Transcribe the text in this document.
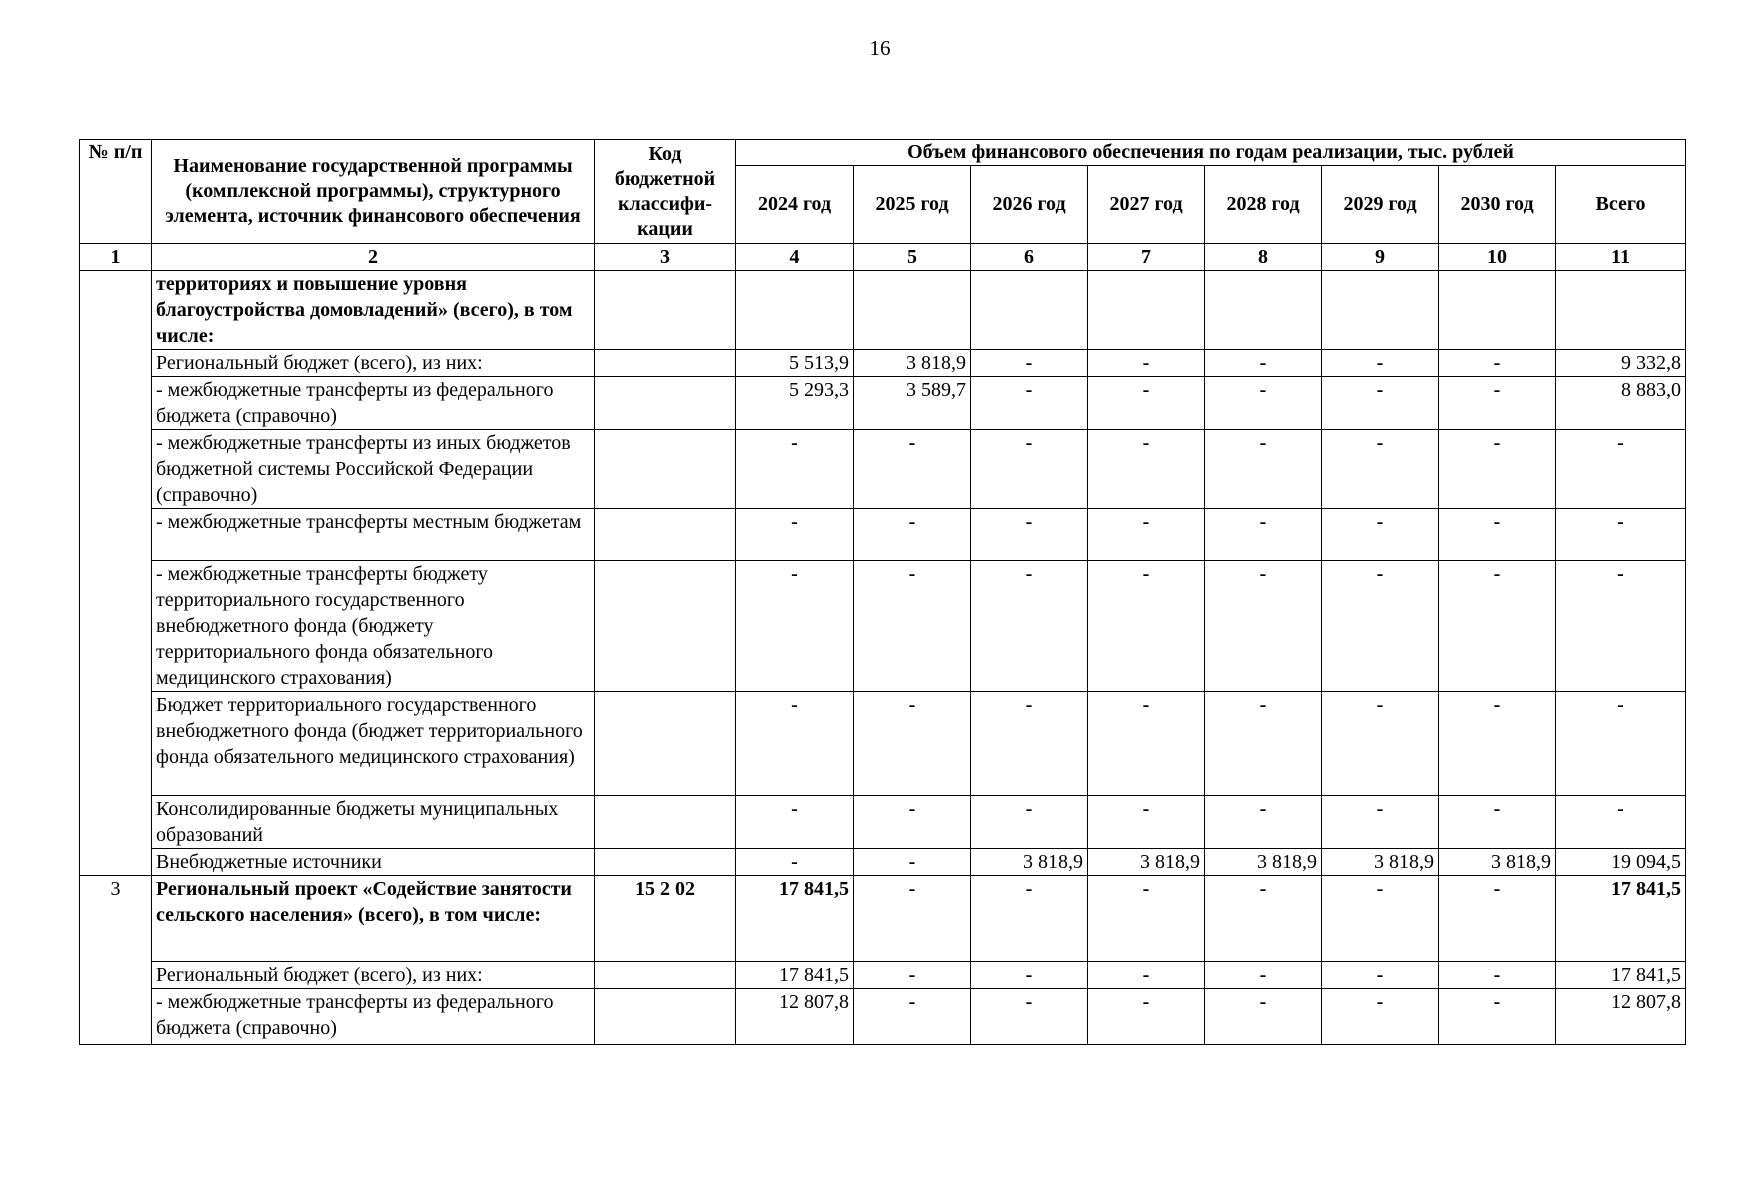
16
№ п/п	Наименование государственной программы (комплексной программы), структурного элемента, источник финансового обеспечения	Код бюджетной классифи-кации	Объем финансового обеспечения по годам реализации, тыс. рублей							
			2024 год	2025 год	2026 год	2027 год	2028 год	2029 год	2030 год	Всего
1	2	3	4	5	6	7	8	9	10	11
	территориях и повышение уровня благоустройства домовладений» (всего), в том числе:									
	Региональный бюджет (всего), из них:		5 513,9	3 818,9	-	-	-	-	-	9 332,8
	- межбюджетные трансферты из федерального бюджета (справочно)		5 293,3	3 589,7	-	-	-	-	-	8 883,0
	- межбюджетные трансферты из иных бюджетов бюджетной системы Российской Федерации (справочно)		-	-	-	-	-	-	-	-
	- межбюджетные трансферты местным бюджетам		-	-	-	-	-	-	-	-
	- межбюджетные трансферты бюджету территориального государственного внебюджетного фонда (бюджету территориального фонда обязательного медицинского страхования)		-	-	-	-	-	-	-	-
	Бюджет территориального государственного внебюджетного фонда (бюджет территориального фонда обязательного медицинского страхования)		-	-	-	-	-	-	-	-
	Консолидированные бюджеты муниципальных образований		-	-	-	-	-	-	-	-
	Внебюджетные источники		-	-	3 818,9	3 818,9	3 818,9	3 818,9	3 818,9	19 094,5
3	Региональный проект «Содействие занятости сельского населения» (всего), в том числе:	15 2 02	17 841,5	-	-	-	-	-	-	17 841,5
	Региональный бюджет (всего), из них:		17 841,5	-	-	-	-	-	-	17 841,5
	- межбюджетные трансферты из федерального бюджета (справочно)		12 807,8	-	-	-	-	-	-	12 807,8
